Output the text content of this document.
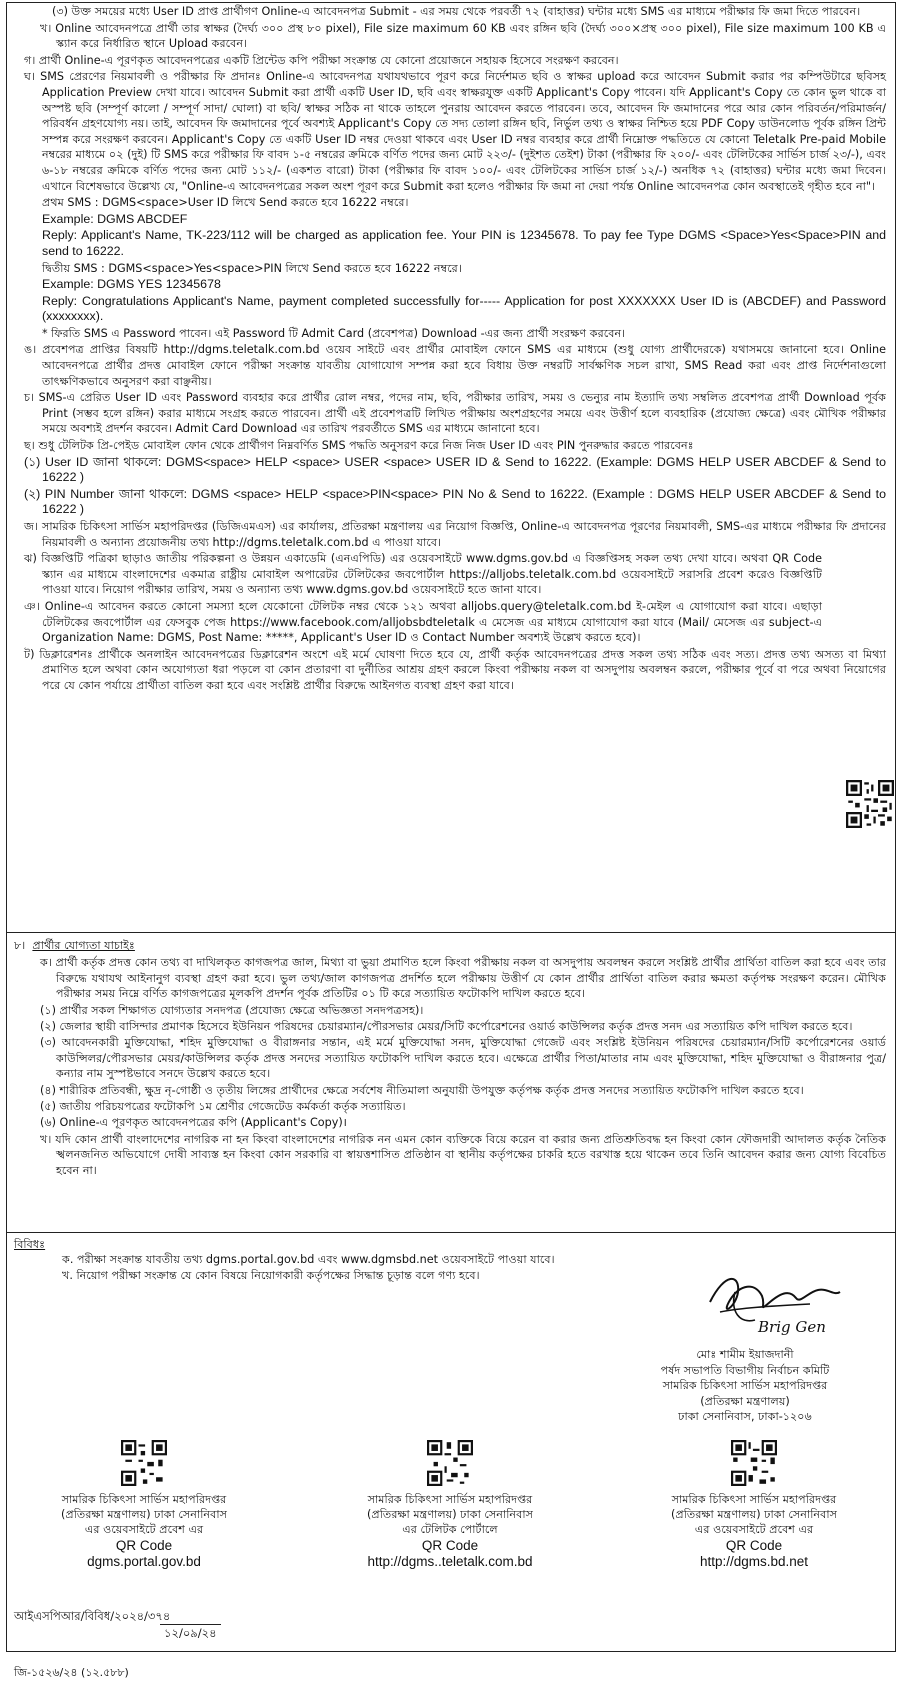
(৩) উক্ত সময়ের মধ্যে User ID প্রাপ্ত প্রার্থীগণ Online-এ আবেদনপত্র Submit - এর সময় থেকে পরবর্তী ৭২ (বাহাত্তর) ঘন্টার মধ্যে SMS এর মাধ্যমে পরীক্ষার ফি জমা দিতে পারবেন।

খ। Online আবেদনপত্রে প্রার্থী তার স্বাক্ষর (দৈর্ঘ্য ৩০০ প্রস্থ ৮০ pixel), File size maximum 60 KB এবং রঙ্গিন ছবি (দৈর্ঘ্য ৩০০×প্রস্থ ৩০০ pixel), File size maximum 100 KB এ স্ক্যান করে নির্ধারিত স্থানে Upload করবেন।

গ। প্রার্থী Online-এ পূরণকৃত আবেদনপত্রের একটি প্রিন্টেড কপি পরীক্ষা সংক্রান্ত যে কোনো প্রয়োজনে সহায়ক হিসেবে সংরক্ষণ করবেন।

ঘ। SMS প্রেরণের নিয়মাবলী ও পরীক্ষার ফি প্রদানঃ Online-এ আবেদনপত্র যথাযথভাবে পূরণ করে নির্দেশমত ছবি ও স্বাক্ষর upload করে আবেদন Submit করার পর কম্পিউটারে ছবিসহ Application Preview দেখা যাবে। আবেদন Submit করা প্রার্থী একটি User ID, ছবি এবং স্বাক্ষরযুক্ত একটি Applicant's Copy পাবেন। যদি Applicant's Copy তে কোন ভুল থাকে বা অস্পষ্ট ছবি (সম্পূর্ণ কালো / সম্পূর্ণ সাদা/ ঘোলা) বা ছবি/ স্বাক্ষর সঠিক না থাকে তাহলে পুনরায় আবেদন করতে পারবেন। তবে, আবেদন ফি জমাদানের পরে আর কোন পরিবর্তন/পরিমার্জন/পরিবর্ধন গ্রহণযোগ্য নয়। তাই, আবেদন ফি জমাদানের পূর্বে অবশ্যই Applicant's Copy তে সদ্য তোলা রঙ্গিন ছবি, নির্ভুল তথ্য ও স্বাক্ষর নিশ্চিত হয়ে PDF Copy ডাউনলোড পূর্বক রঙ্গিন প্রিন্ট সম্পন্ন করে সংরক্ষণ করবেন। Applicant's Copy তে একটি User ID নম্বর দেওয়া থাকবে এবং User ID নম্বর ব্যবহার করে প্রার্থী নিম্নোক্ত পদ্ধতিতে যে কোনো Teletalk Pre-paid Mobile নম্বরের মাধ্যমে ০২ (দুই) টি SMS করে পরীক্ষার ফি বাবদ ১-৫ নম্বরের ক্রমিকে বর্ণিত পদের জন্য মোট ২২৩/- (দুইশত তেইশ) টাকা (পরীক্ষার ফি ২০০/- এবং টেলিটকের সার্ভিস চার্জ ২৩/-), এবং ৬-১৮ নম্বরের ক্রমিকে বর্ণিত পদের জন্য মোট ১১২/- (একশত বারো) টাকা (পরীক্ষার ফি বাবদ ১০০/- এবং টেলিটকের সার্ভিস চার্জ ১২/-) অনধিক ৭২ (বাহাত্তর) ঘন্টার মধ্যে জমা দিবেন। এখানে বিশেষভাবে উল্লেখ্য যে, "Online-এ আবেদনপত্রের সকল অংশ পূরণ করে Submit করা হলেও পরীক্ষার ফি জমা না দেয়া পর্যন্ত Online আবেদনপত্র কোন অবস্থাতেই গৃহীত হবে না"।

প্রথম SMS : DGMS<space>User ID লিখে Send করতে হবে 16222 নম্বরে।

Example: DGMS ABCDEF

Reply: Applicant's Name, TK-223/112 will be charged as application fee. Your PIN is 12345678. To pay fee Type DGMS <Space>Yes<Space>PIN and send to 16222.

দ্বিতীয় SMS : DGMS<space>Yes<space>PIN লিখে Send করতে হবে 16222 নম্বরে।

Example: DGMS YES 12345678

Reply: Congratulations Applicant's Name, payment completed successfully for----- Application for post XXXXXXX User ID is (ABCDEF) and Password (xxxxxxxx).

* ফিরতি SMS এ Password পাবেন। এই Password টি Admit Card (প্রবেশপত্র) Download -এর জন্য প্রার্থী সংরক্ষণ করবেন।

ঙ। প্রবেশপত্র প্রাপ্তির বিষয়টি http://dgms.teletalk.com.bd ওয়েব সাইটে এবং প্রার্থীর মোবাইল ফোনে SMS এর মাধ্যমে (শুধু যোগ্য প্রার্থীদেরকে) যথাসময়ে জানানো হবে। Online আবেদনপত্রে প্রার্থীর প্রদত্ত মোবাইল ফোনে পরীক্ষা সংক্রান্ত যাবতীয় যোগাযোগ সম্পন্ন করা হবে বিধায় উক্ত নম্বরটি সার্বক্ষণিক সচল রাখা, SMS Read করা এবং প্রাপ্ত নির্দেশনাগুলো তাৎক্ষণিকভাবে অনুসরণ করা বাঞ্ছনীয়।

চ। SMS-এ প্রেরিত User ID এবং Password ব্যবহার করে প্রার্থীর রোল নম্বর, পদের নাম, ছবি, পরীক্ষার তারিখ, সময় ও ভেন্যুর নাম ইত্যাদি তথ্য সম্বলিত প্রবেশপত্র প্রার্থী Download পূর্বক Print (সম্ভব হলে রঙ্গিন) করার মাধ্যমে সংগ্রহ করতে পারবেন। প্রার্থী এই প্রবেশপত্রটি লিখিত পরীক্ষায় অংশগ্রহণের সময়ে এবং উত্তীর্ণ হলে ব্যবহারিক (প্রযোজ্য ক্ষেত্রে) এবং মৌখিক পরীক্ষার সময়ে অবশ্যই প্রদর্শন করবেন। Admit Card Download এর তারিখ পরবর্তীতে SMS এর মাধ্যমে জানানো হবে।

ছ। শুধু টেলিটক প্রি-পেইড মোবাইল ফোন থেকে প্রার্থীগণ নিম্নবর্ণিত SMS পদ্ধতি অনুসরণ করে নিজ নিজ User ID এবং PIN পুনরুদ্ধার করতে পারবেনঃ

(১) User ID জানা থাকলে: DGMS<space> HELP <space> USER <space> USER ID & Send to 16222. (Example: DGMS HELP USER ABCDEF & Send to 16222 )

(২) PIN Number জানা থাকলে: DGMS <space> HELP <space>PIN<space> PIN No & Send to 16222. (Example : DGMS HELP USER ABCDEF & Send to 16222 )

জ। সামরিক চিকিৎসা সার্ভিস মহাপরিদপ্তর (ডিজিএমএস) এর কার্যালয়, প্রতিরক্ষা মন্ত্রণালয় এর নিয়োগ বিজ্ঞপ্তি, Online-এ আবেদনপত্র পূরণের নিয়মাবলী, SMS-এর মাধ্যমে পরীক্ষার ফি প্রদানের নিয়মাবলী ও অন্যান্য প্রয়োজনীয় তথ্য http://dgms.teletalk.com.bd এ পাওয়া যাবে।

ঝ) বিজ্ঞপ্তিটি পত্রিকা ছাড়াও জাতীয় পরিকল্পনা ও উন্নয়ন একাডেমি (এনএপিডি) এর ওয়েবসাইটে www.dgms.gov.bd এ বিজ্ঞপ্তিসহ সকল তথ্য দেখা যাবে। অথবা QR Code স্ক্যান এর মাধ্যমে বাংলাদেশের একমাত্র রাষ্ট্রীয় মোবাইল অপারেটর টেলিটকের জবপোর্টাল https://alljobs.teletalk.com.bd ওয়েবসাইটে সরাসরি প্রবেশ করেও বিজ্ঞপ্তিটি পাওয়া যাবে। নিয়োগ পরীক্ষার তারিখ, সময় ও অন্যান্য তথ্য www.dgms.gov.bd ওয়েবসাইটে হতে জানা যাবে।

ঞ। Online-এ আবেদন করতে কোনো সমস্যা হলে যেকোনো টেলিটক নম্বর থেকে ১২১ অথবা alljobs.query@teletalk.com.bd ই-মেইল এ যোগাযোগ করা যাবে। এছাড়া টেলিটকের জবপোর্টাল এর ফেসবুক পেজ https://www.facebook.com/alljobsbdteletalk এ মেসেজ এর মাধ্যমে যোগাযোগ করা যাবে (Mail/ মেসেজ এর subject-এ Organization Name: DGMS, Post Name: *****, Applicant's User ID ও Contact Number অবশ্যই উল্লেখ করতে হবে)।

ট) ডিক্লারেশনঃ প্রার্থীকে অনলাইন আবেদনপত্রের ডিক্লারেশন অংশে এই মর্মে ঘোষণা দিতে হবে যে, প্রার্থী কর্তৃক আবেদনপত্রের প্রদত্ত সকল তথ্য সঠিক এবং সত্য। প্রদত্ত তথ্য অসত্য বা মিথ্যা প্রমাণিত হলে অথবা কোন অযোগ্যতা ধরা পড়লে বা কোন প্রতারণা বা দুর্নীতির আশ্রয় গ্রহণ করলে কিংবা পরীক্ষায় নকল বা অসদুপায় অবলম্বন করলে, পরীক্ষার পূর্বে বা পরে অথবা নিয়োগের পরে যে কোন পর্যায়ে প্রার্থীতা বাতিল করা হবে এবং সংশ্লিষ্ট প্রার্থীর বিরুদ্ধে আইনগত ব্যবস্থা গ্রহণ করা যাবে।

৮। প্রার্থীর যোগ্যতা যাচাইঃ

ক। প্রার্থী কর্তৃক প্রদত্ত কোন তথ্য বা দাখিলকৃত কাগজপত্র জাল, মিথ্যা বা ভুয়া প্রমাণিত হলে কিংবা পরীক্ষায় নকল বা অসদুপায় অবলম্বন করলে সংশ্লিষ্ট প্রার্থীর প্রার্থিতা বাতিল করা হবে এবং তার বিরুদ্ধে যথাযথ আইনানুগ ব্যবস্থা গ্রহণ করা হবে। ভুল তথ্য/জাল কাগজপত্র প্রদর্শিত হলে পরীক্ষায় উত্তীর্ণ যে কোন প্রার্থীর প্রার্থিতা বাতিল করার ক্ষমতা কর্তৃপক্ষ সংরক্ষণ করেন। মৌখিক পরীক্ষার সময় নিম্নে বর্ণিত কাগজপত্রের মূলকপি প্রদর্শন পূর্বক প্রতিটির ০১ টি করে সত্যায়িত ফটোকপি দাখিল করতে হবে।

(১) প্রার্থীর সকল শিক্ষাগত যোগ্যতার সনদপত্র (প্রযোজ্য ক্ষেত্রে অভিজ্ঞতা সনদপত্রসহ)।

(২) জেলার স্থায়ী বাসিন্দার প্রমাণক হিসেবে ইউনিয়ন পরিষদের চেয়ারম্যান/পৌরসভার মেয়র/সিটি কর্পোরেশনের ওয়ার্ড কাউন্সিলর কর্তৃক প্রদত্ত সনদ এর সত্যায়িত কপি দাখিল করতে হবে।

(৩) আবেদনকারী মুক্তিযোদ্ধা, শহিদ মুক্তিযোদ্ধা ও বীরাঙ্গনার সন্তান, এই মর্মে মুক্তিযোদ্ধা সনদ, মুক্তিযোদ্ধা গেজেট এবং সংশ্লিষ্ট ইউনিয়ন পরিষদের চেয়ারম্যান/সিটি কর্পোরেশনের ওয়ার্ড কাউন্সিলর/পৌরসভার মেয়র/কাউন্সিলর কর্তৃক প্রদত্ত সনদের সত্যায়িত ফটোকপি দাখিল করতে হবে। এক্ষেত্রে প্রার্থীর পিতা/মাতার নাম এবং মুক্তিযোদ্ধা, শহিদ মুক্তিযোদ্ধা ও বীরাঙ্গনার পুত্র/কন্যার নাম সুস্পষ্টভাবে সনদে উল্লেখ করতে হবে।

(৪) শারীরিক প্রতিবন্ধী, ক্ষুদ্র নৃ-গোষ্ঠী ও তৃতীয় লিঙ্গের প্রার্থীদের ক্ষেত্রে সর্বশেষ নীতিমালা অনুযায়ী উপযুক্ত কর্তৃপক্ষ কর্তৃক প্রদত্ত সনদের সত্যায়িত ফটোকপি দাখিল করতে হবে।

(৫) জাতীয় পরিচয়পত্রের ফটোকপি ১ম শ্রেণীর গেজেটেড কর্মকর্তা কর্তৃক সত্যায়িত।

(৬) Online-এ পূরণকৃত আবেদনপত্রের কপি (Applicant's Copy)।

খ। যদি কোন প্রার্থী বাংলাদেশের নাগরিক না হন কিংবা বাংলাদেশের নাগরিক নন এমন কোন ব্যক্তিকে বিয়ে করেন বা করার জন্য প্রতিশ্রুতিবদ্ধ হন কিংবা কোন ফৌজদারী আদালত কর্তৃক নৈতিক স্খলনজনিত অভিযোগে দোষী সাব্যস্ত হন কিংবা কোন সরকারি বা স্বায়ত্তশাসিত প্রতিষ্ঠান বা স্থানীয় কর্তৃপক্ষের চাকরি হতে বরখাস্ত হয়ে থাকেন তবে তিনি আবেদন করার জন্য যোগ্য বিবেচিত হবেন না।

বিবিধঃ
ক. পরীক্ষা সংক্রান্ত যাবতীয় তথ্য dgms.portal.gov.bd এবং www.dgmsbd.net ওয়েবসাইটে পাওয়া যাবে।
খ. নিয়োগ পরীক্ষা সংক্রান্ত যে কোন বিষয়ে নিয়োগকারী কর্তৃপক্ষের সিদ্ধান্ত চূড়ান্ত বলে গণ্য হবে।
Brig Gen
মোঃ শামীম ইয়াজদানী
পর্ষদ সভাপতি বিভাগীয় নির্বাচন কমিটি
সামরিক চিকিৎসা সার্ভিস মহাপরিদপ্তর
(প্রতিরক্ষা মন্ত্রণালয়)
ঢাকা সেনানিবাস, ঢাকা-১২০৬
সামরিক চিকিৎসা সার্ভিস মহাপরিদপ্তর
(প্রতিরক্ষা মন্ত্রণালয়) ঢাকা সেনানিবাস
এর ওয়েবসাইটে প্রবেশ এর
QR Code
dgms.portal.gov.bd
সামরিক চিকিৎসা সার্ভিস মহাপরিদপ্তর
(প্রতিরক্ষা মন্ত্রণালয়) ঢাকা সেনানিবাস
এর টেলিটক পোর্টালে
QR Code
http://dgms..teletalk.com.bd
সামরিক চিকিৎসা সার্ভিস মহাপরিদপ্তর
(প্রতিরক্ষা মন্ত্রণালয়) ঢাকা সেনানিবাস
এর ওয়েবসাইটে প্রবেশ এর
QR Code
http://dgms.bd.net
আইএসপিআর/বিবিধ/২০২৪/৩৭৪
১২/০৯/২৪
জি-১৫২৬/২৪ (১২.৫৮৮)
